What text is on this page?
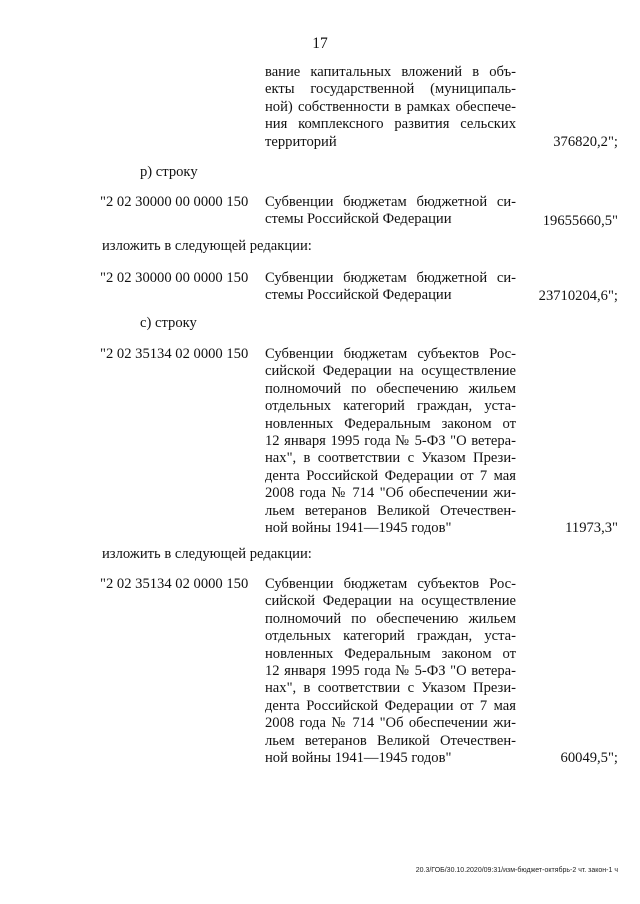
17
вание капитальных вложений в объ-
екты государственной (муниципаль-
ной) собственности в рамках обеспече-
ния комплексного развития сельских
территорий	376820,2";
р) строку
"2 02 30000 00 0000 150 Субвенции бюджетам бюджетной си-
стемы Российской Федерации	19655660,5"
изложить в следующей редакции:
"2 02 30000 00 0000 150 Субвенции бюджетам бюджетной си-
стемы Российской Федерации	23710204,6";
с) строку
"2 02 35134 02 0000 150 Субвенции бюджетам субъектов Рос-
сийской Федерации на осуществление
полномочий по обеспечению жильем
отдельных категорий граждан, уста-
новленных Федеральным законом от
12 января 1995 года № 5-ФЗ "О ветера-
нах", в соответствии с Указом Прези-
дента Российской Федерации от 7 мая
2008 года № 714 "Об обеспечении жи-
льем ветеранов Великой Отечествен-
ной войны 1941—1945 годов"	11973,3"
изложить в следующей редакции:
"2 02 35134 02 0000 150 Субвенции бюджетам субъектов Рос-
сийской Федерации на осуществление
полномочий по обеспечению жильем
отдельных категорий граждан, уста-
новленных Федеральным законом от
12 января 1995 года № 5-ФЗ "О ветера-
нах", в соответствии с Указом Прези-
дента Российской Федерации от 7 мая
2008 года № 714 "Об обеспечении жи-
льем ветеранов Великой Отечествен-
ной войны 1941—1945 годов"	60049,5";
20.3/ГОБ/30.10.2020/09:31/изм-бюджет-октябрь-2 чт. закон-1 ч
